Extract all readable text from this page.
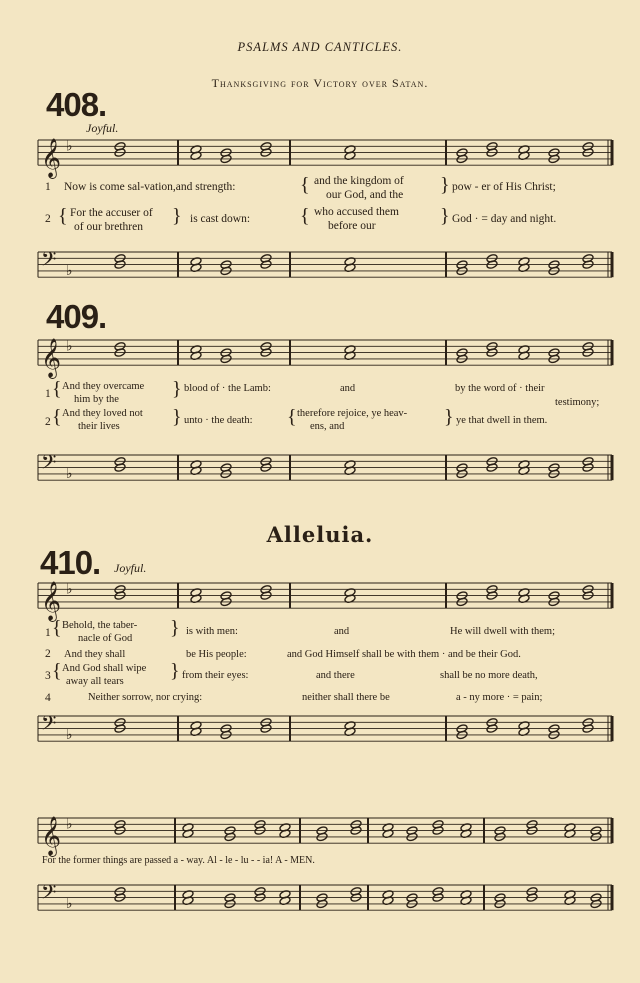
PSALMS AND CANTICLES.
Thanksgiving for Victory over Satan.
𝄞 ♭
𝄢 ♭
𝄞 ♭
𝄢 ♭
𝄞 ♭
𝄢 ♭
𝄞 ♭
𝄢 ♭
408.
Joyful.
1 Now is come sal-vation,and strength:	{ and the kingdom of
our God, and the } pow - er of His Christ;
2 { For the accuser of
of our brethren } is cast down: { who accused them
before our	} God · = day and night.
409.
1 { And they overcame
him by the	} blood of · the Lamb:	and	by the word of · their
testimony;
2 { And they loved not
their lives	} unto · the death: { therefore rejoice, ye heav-
ens, and	} ye that dwell in them.
Alleluia.
410. Joyful.
1 { Behold, the taber-
nacle of God } is with men:	and	He will dwell with them;
2 And they shall	be His people:	and God Himself shall be with them · and be their God.
3 { And God shall wipe
away all tears } from their eyes:	and there	shall be no more death,
4	Neither sorrow, nor crying:	neither shall there be	a - ny more · = pain;
For the former things are passed a - way. Al - le - lu - - ia! A - MEN.
